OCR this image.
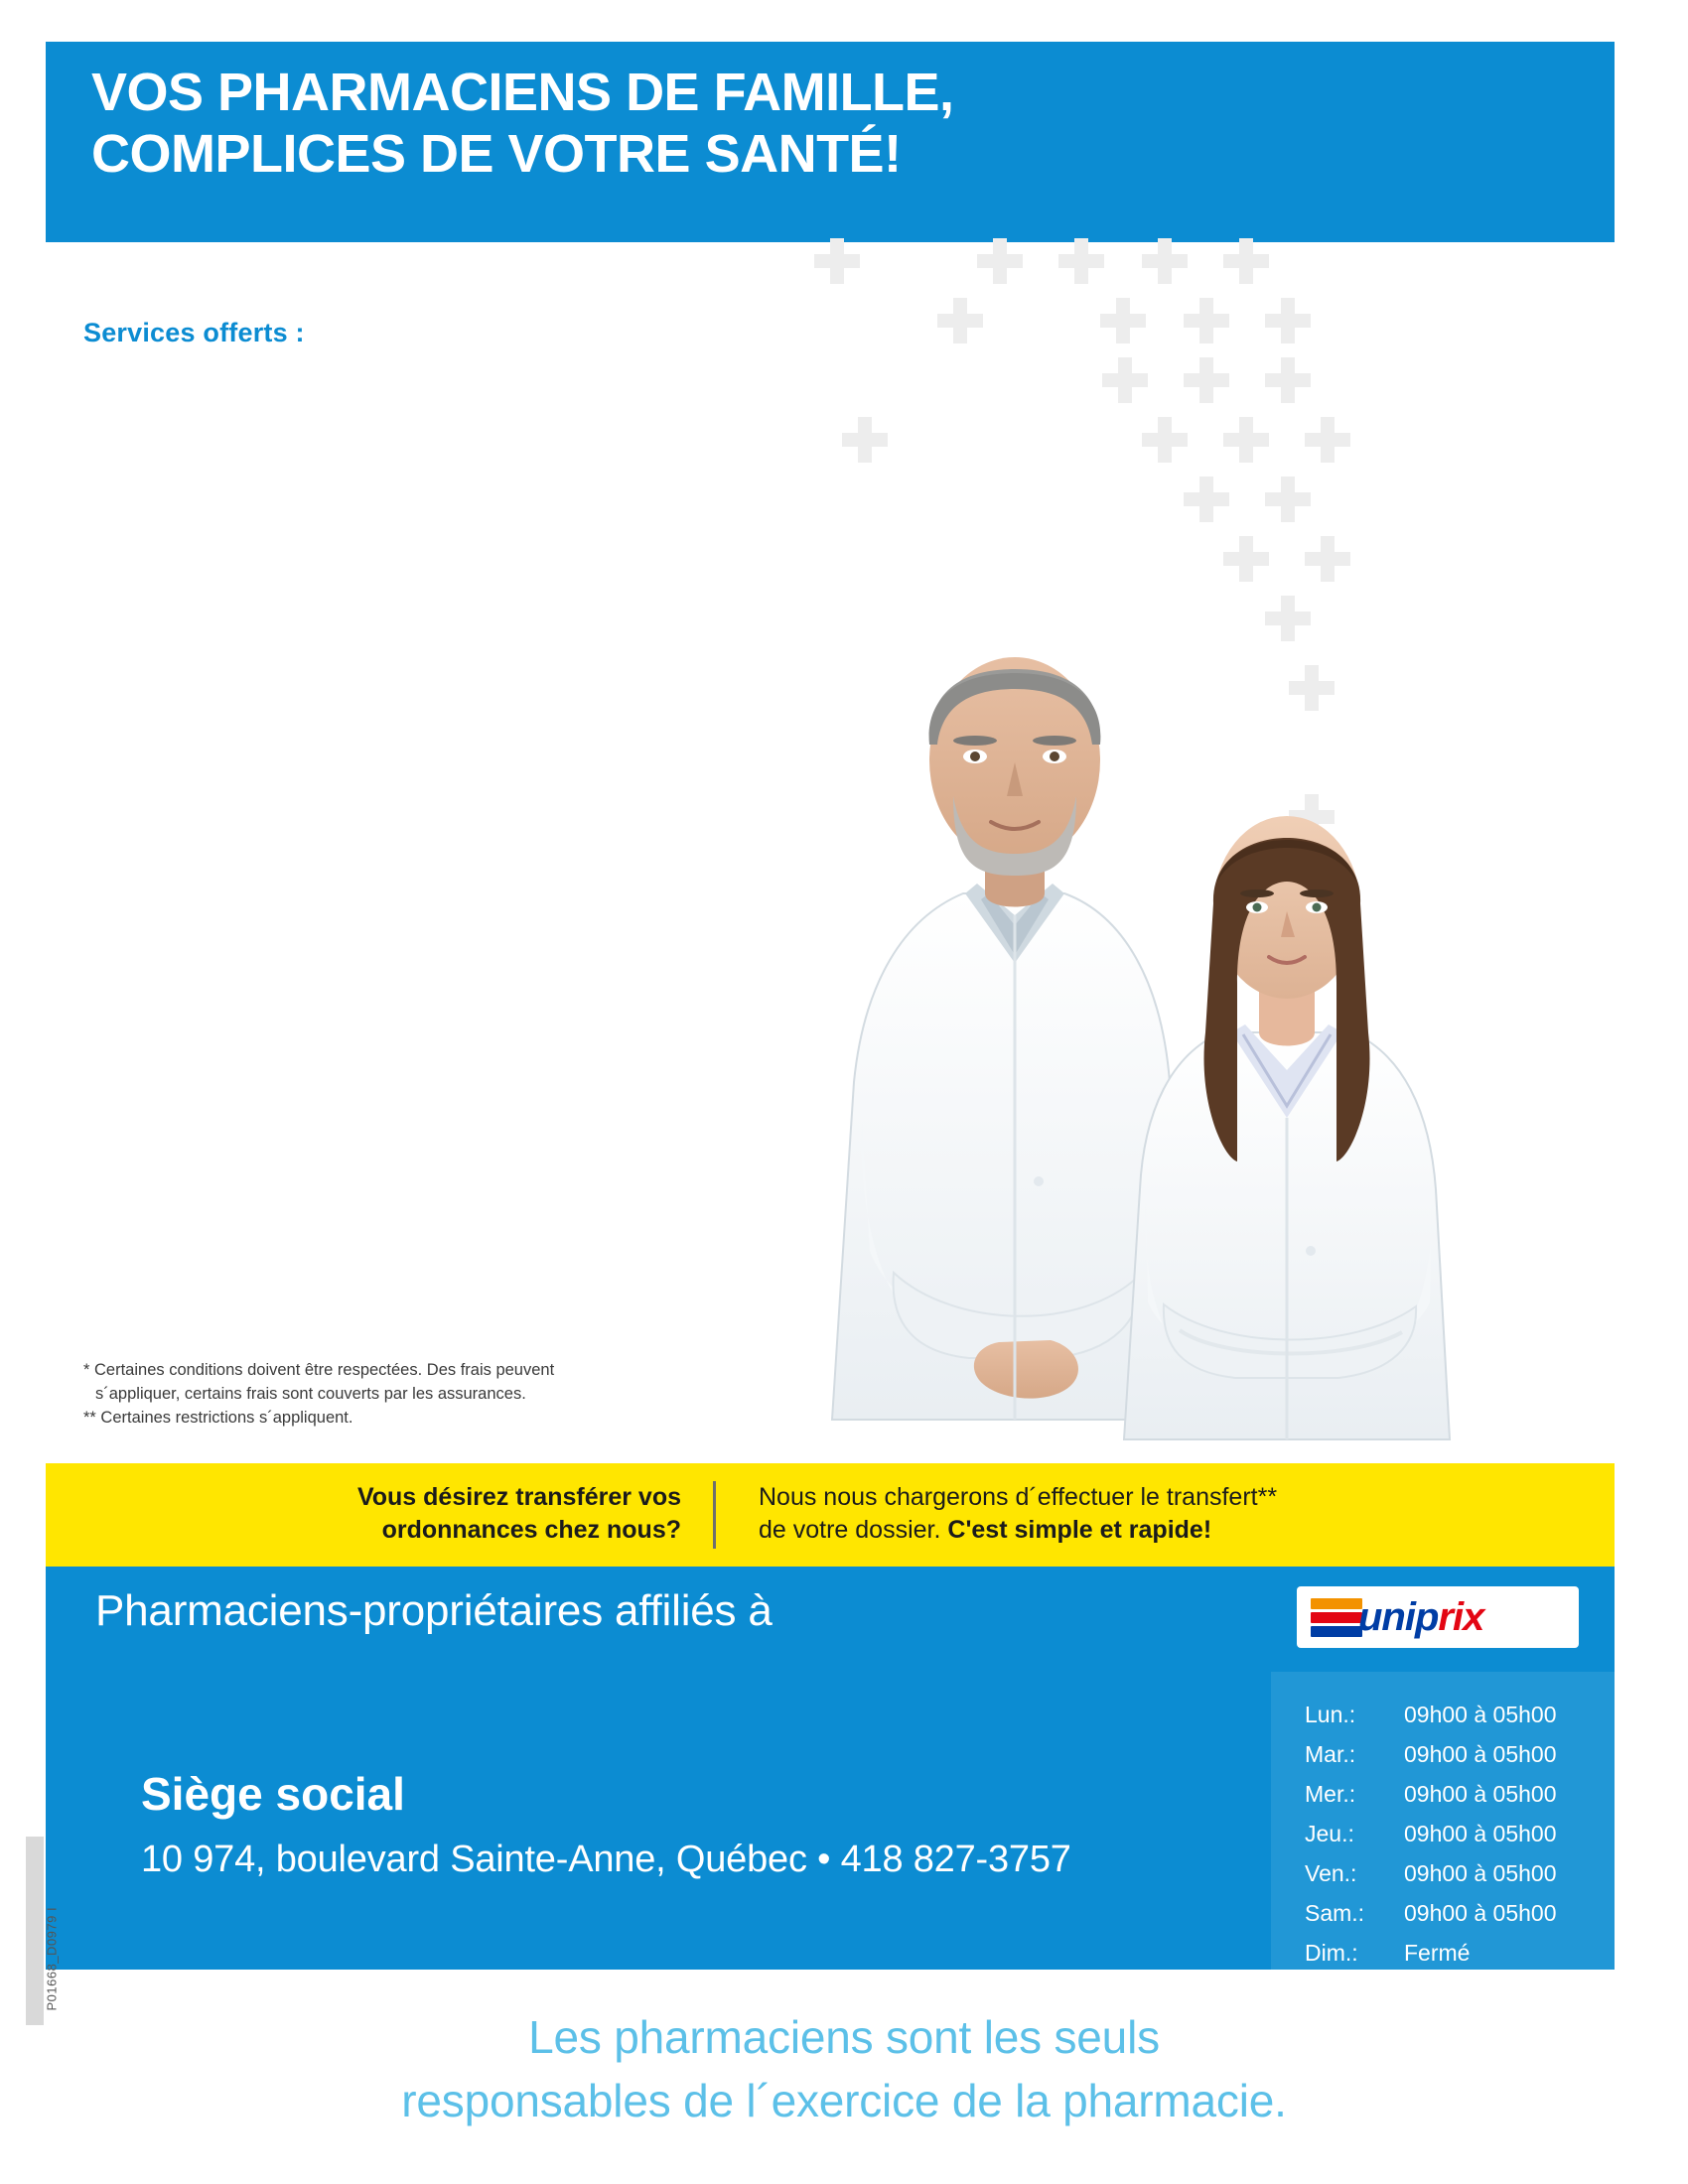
VOS PHARMACIENS DE FAMILLE,
COMPLICES DE VOTRE SANTÉ!
Services offerts :
* Certaines conditions doivent être respectées. Des frais peuvent
s´appliquer, certains frais sont couverts par les assurances.
** Certaines restrictions s´appliquent.
Vous désirez transférer vos
ordonnances chez nous?
Nous nous chargerons d´effectuer le transfert**
de votre dossier. C'est simple et rapide!
Pharmaciens-propriétaires affiliés à	uniprix
Siège social
10 974, boulevard Sainte-Anne, Québec • 418 827-3757
Lun.:	09h00 à 05h00
Mar.:	09h00 à 05h00
Mer.:	09h00 à 05h00
Jeu.:	09h00 à 05h00
Ven.:	09h00 à 05h00
Sam.:	09h00 à 05h00
Dim.:	Fermé
P01668_D0979 I
Les pharmaciens sont les seuls
responsables de l´exercice de la pharmacie.
